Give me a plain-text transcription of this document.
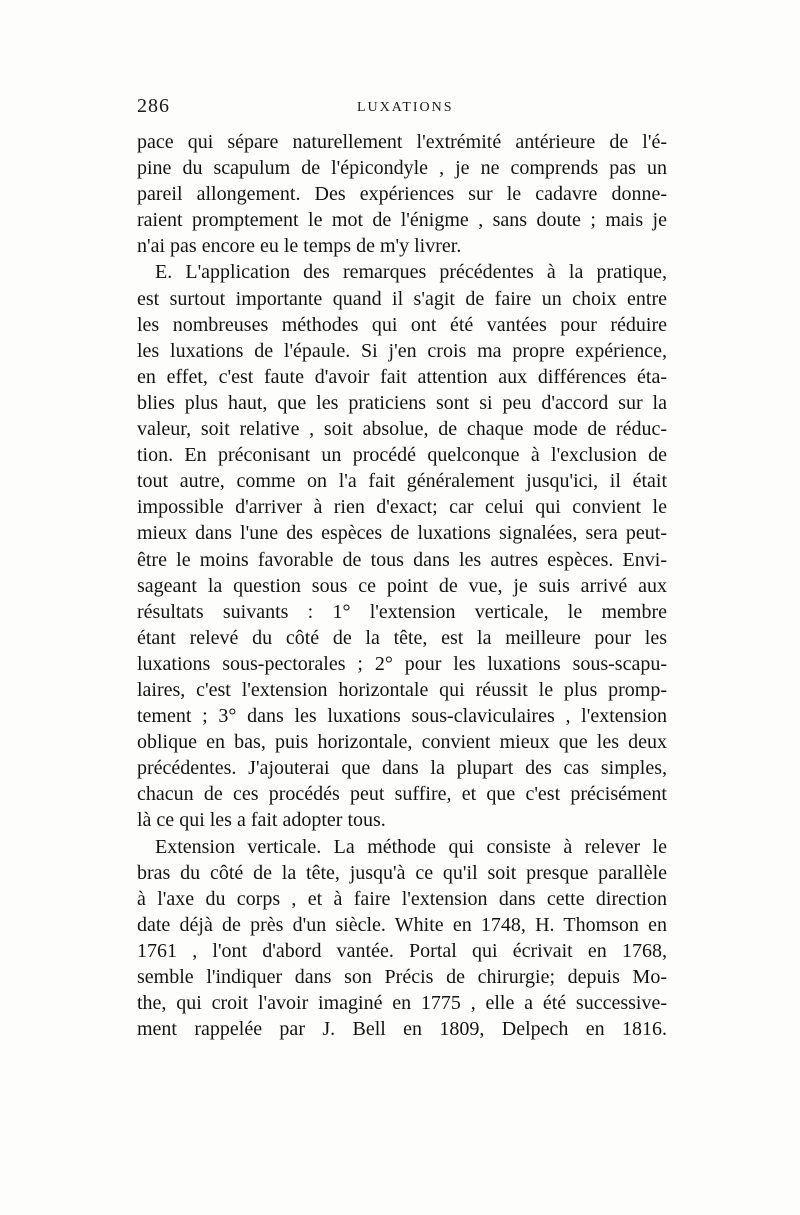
286	LUXATIONS
pace qui sépare naturellement l'extrémité antérieure de l'é-
pine du scapulum de l'épicondyle , je ne comprends pas un
pareil allongement. Des expériences sur le cadavre donne-
raient promptement le mot de l'énigme , sans doute ; mais je
n'ai pas encore eu le temps de m'y livrer.
E. L'application des remarques précédentes à la pratique,
est surtout importante quand il s'agit de faire un choix entre
les nombreuses méthodes qui ont été vantées pour réduire
les luxations de l'épaule. Si j'en crois ma propre expérience,
en effet, c'est faute d'avoir fait attention aux différences éta-
blies plus haut, que les praticiens sont si peu d'accord sur la
valeur, soit relative , soit absolue, de chaque mode de réduc-
tion. En préconisant un procédé quelconque à l'exclusion de
tout autre, comme on l'a fait généralement jusqu'ici, il était
impossible d'arriver à rien d'exact; car celui qui convient le
mieux dans l'une des espèces de luxations signalées, sera peut-
être le moins favorable de tous dans les autres espèces. Envi-
sageant la question sous ce point de vue, je suis arrivé aux
résultats suivants : 1° l'extension verticale, le membre
étant relevé du côté de la tête, est la meilleure pour les
luxations sous-pectorales ; 2° pour les luxations sous-scapu-
laires, c'est l'extension horizontale qui réussit le plus promp-
tement ; 3° dans les luxations sous-claviculaires , l'extension
oblique en bas, puis horizontale, convient mieux que les deux
précédentes. J'ajouterai que dans la plupart des cas simples,
chacun de ces procédés peut suffire, et que c'est précisément
là ce qui les a fait adopter tous.
Extension verticale. La méthode qui consiste à relever le
bras du côté de la tête, jusqu'à ce qu'il soit presque parallèle
à l'axe du corps , et à faire l'extension dans cette direction
date déjà de près d'un siècle. White en 1748, H. Thomson en
1761 , l'ont d'abord vantée. Portal qui écrivait en 1768,
semble l'indiquer dans son Précis de chirurgie; depuis Mo-
the, qui croit l'avoir imaginé en 1775 , elle a été successive-
ment rappelée par J. Bell en 1809, Delpech en 1816.
